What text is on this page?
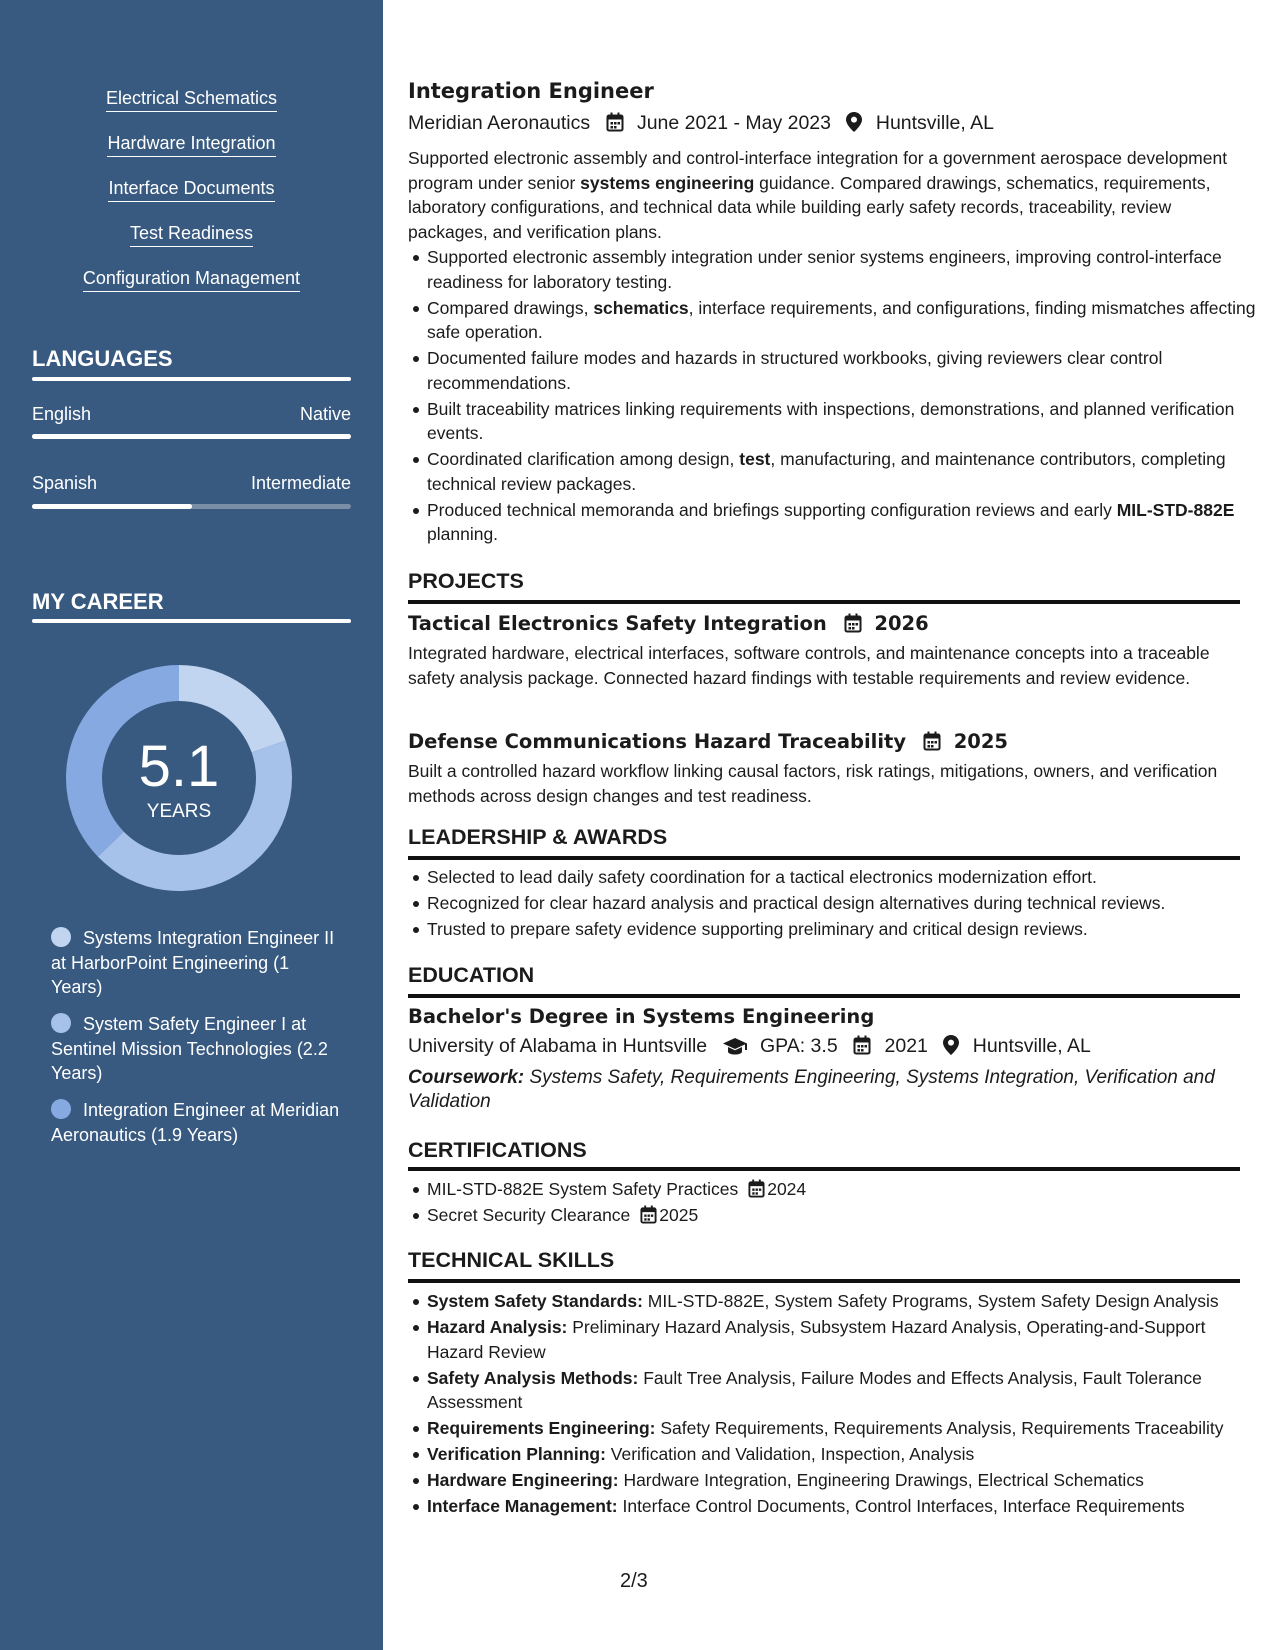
Electrical Schematics
Hardware Integration
Interface Documents
Test Readiness
Configuration Management
LANGUAGES
English	Native
Spanish	Intermediate
MY CAREER
5.1
YEARS
Systems Integration Engineer II at HarborPoint Engineering (1 Years)
System Safety Engineer I at Sentinel Mission Technologies (2.2 Years)
Integration Engineer at Meridian Aeronautics (1.9 Years)
Integration Engineer
Meridian Aeronautics June 2021 - May 2023 Huntsville, AL
Supported electronic assembly and control-interface integration for a government aerospace development program under senior systems engineering guidance. Compared drawings, schematics, requirements, laboratory configurations, and technical data while building early safety records, traceability, review packages, and verification plans.
Supported electronic assembly integration under senior systems engineers, improving control-interface readiness for laboratory testing.
Compared drawings, schematics, interface requirements, and configurations, finding mismatches affecting safe operation.
Documented failure modes and hazards in structured workbooks, giving reviewers clear control recommendations.
Built traceability matrices linking requirements with inspections, demonstrations, and planned verification events.
Coordinated clarification among design, test, manufacturing, and maintenance contributors, completing technical review packages.
Produced technical memoranda and briefings supporting configuration reviews and early MIL-STD-882E planning.
PROJECTS
Tactical Electronics Safety Integration 2026
Integrated hardware, electrical interfaces, software controls, and maintenance concepts into a traceable safety analysis package. Connected hazard findings with testable requirements and review evidence.
Defense Communications Hazard Traceability 2025
Built a controlled hazard workflow linking causal factors, risk ratings, mitigations, owners, and verification methods across design changes and test readiness.
LEADERSHIP & AWARDS
Selected to lead daily safety coordination for a tactical electronics modernization effort.
Recognized for clear hazard analysis and practical design alternatives during technical reviews.
Trusted to prepare safety evidence supporting preliminary and critical design reviews.
EDUCATION
Bachelor's Degree in Systems Engineering
University of Alabama in Huntsville	GPA: 3.5 2021 Huntsville, AL
Coursework: Systems Safety, Requirements Engineering, Systems Integration, Verification and Validation
CERTIFICATIONS
MIL-STD-882E System Safety Practices 2024
Secret Security Clearance 2025
TECHNICAL SKILLS
System Safety Standards: MIL-STD-882E, System Safety Programs, System Safety Design Analysis
Hazard Analysis: Preliminary Hazard Analysis, Subsystem Hazard Analysis, Operating-and-Support Hazard Review
Safety Analysis Methods: Fault Tree Analysis, Failure Modes and Effects Analysis, Fault Tolerance Assessment
Requirements Engineering: Safety Requirements, Requirements Analysis, Requirements Traceability
Verification Planning: Verification and Validation, Inspection, Analysis
Hardware Engineering: Hardware Integration, Engineering Drawings, Electrical Schematics
Interface Management: Interface Control Documents, Control Interfaces, Interface Requirements
2/3
